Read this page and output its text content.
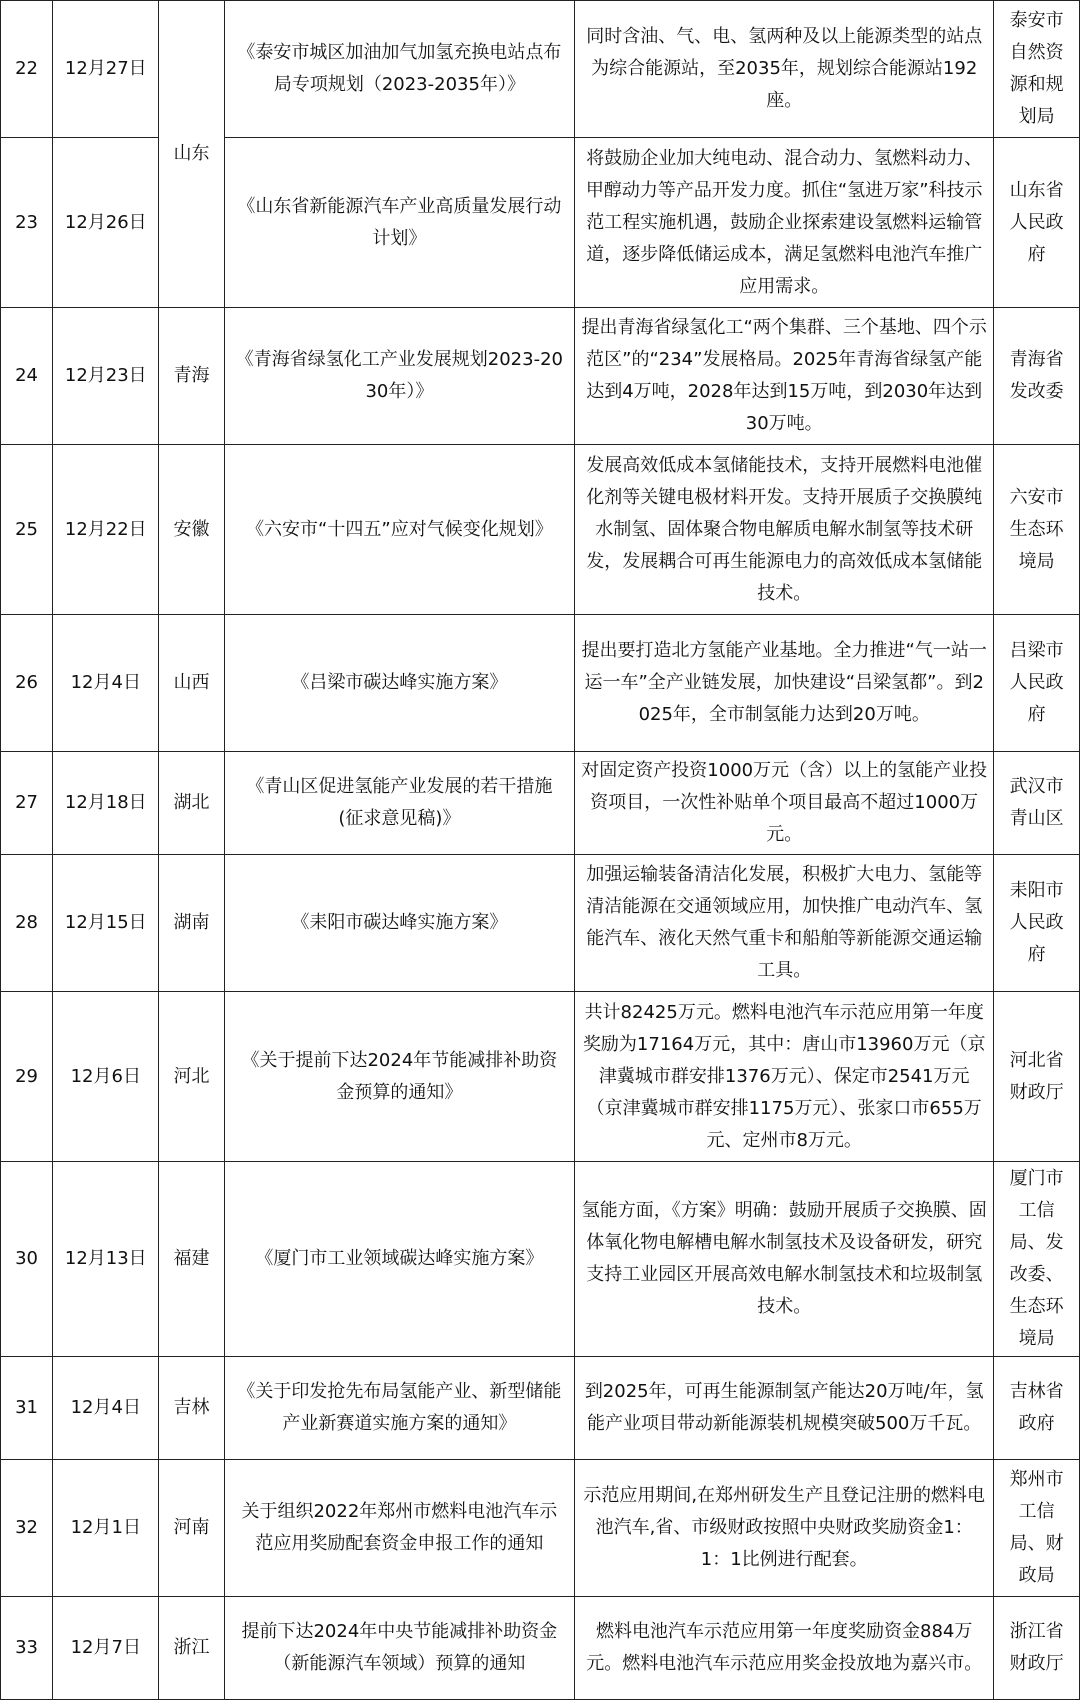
22	12月27日	山东	《泰安市城区加油加气加氢充换电站点布局专项规划（2023-2035年）》	同时含油、气、电、氢两种及以上能源类型的站点为综合能源站，至2035年，规划综合能源站192座。	泰安市自然资源和规划局
23	12月26日		《山东省新能源汽车产业高质量发展行动计划》	将鼓励企业加大纯电动、混合动力、氢燃料动力、甲醇动力等产品开发力度。抓住“氢进万家”科技示范工程实施机遇，鼓励企业探索建设氢燃料运输管道，逐步降低储运成本，满足氢燃料电池汽车推广应用需求。	山东省人民政府
24	12月23日	青海	《青海省绿氢化工产业发展规划2023-2030年）》	提出青海省绿氢化工“两个集群、三个基地、四个示范区”的“234”发展格局。2025年青海省绿氢产能达到4万吨，2028年达到15万吨，到2030年达到30万吨。	青海省发改委
25	12月22日	安徽	《六安市“十四五”应对气候变化规划》	发展高效低成本氢储能技术，支持开展燃料电池催化剂等关键电极材料开发。支持开展质子交换膜纯水制氢、固体聚合物电解质电解水制氢等技术研发，发展耦合可再生能源电力的高效低成本氢储能技术。	六安市生态环境局
26	12月4日	山西	《吕梁市碳达峰实施方案》	提出要打造北方氢能产业基地。全力推进“气一站一运一车”全产业链发展，加快建设“吕梁氢都”。到2025年，全市制氢能力达到20万吨。	吕梁市人民政府
27	12月18日	湖北	《青山区促进氢能产业发展的若干措施(征求意见稿)》	对固定资产投资1000万元（含）以上的氢能产业投资项目，一次性补贴单个项目最高不超过1000万元。	武汉市青山区
28	12月15日	湖南	《耒阳市碳达峰实施方案》	加强运输装备清洁化发展，积极扩大电力、氢能等清洁能源在交通领域应用，加快推广电动汽车、氢能汽车、液化天然气重卡和船舶等新能源交通运输工具。	耒阳市人民政府
29	12月6日	河北	《关于提前下达2024年节能减排补助资金预算的通知》	共计82425万元。燃料电池汽车示范应用第一年度奖励为17164万元，其中：唐山市13960万元（京津冀城市群安排1376万元）、保定市2541万元（京津冀城市群安排1175万元）、张家口市655万元、定州市8万元。	河北省财政厅
30	12月13日	福建	《厦门市工业领域碳达峰实施方案》	氢能方面，《方案》明确：鼓励开展质子交换膜、固体氧化物电解槽电解水制氢技术及设备研发，研究支持工业园区开展高效电解水制氢技术和垃圾制氢技术。	厦门市工信局、发改委、生态环境局
31	12月4日	吉林	《关于印发抢先布局氢能产业、新型储能产业新赛道实施方案的通知》	到2025年，可再生能源制氢产能达20万吨/年，氢能产业项目带动新能源装机规模突破500万千瓦。	吉林省政府
32	12月1日	河南	关于组织2022年郑州市燃料电池汽车示范应用奖励配套资金申报工作的通知	示范应用期间,在郑州研发生产且登记注册的燃料电池汽车,省、市级财政按照中央财政奖励资金1：1：1比例进行配套。	郑州市工信局、财政局
33	12月7日	浙江	提前下达2024年中央节能减排补助资金（新能源汽车领域）预算的通知	燃料电池汽车示范应用第一年度奖励资金884万元。燃料电池汽车示范应用奖金投放地为嘉兴市。	浙江省财政厅
